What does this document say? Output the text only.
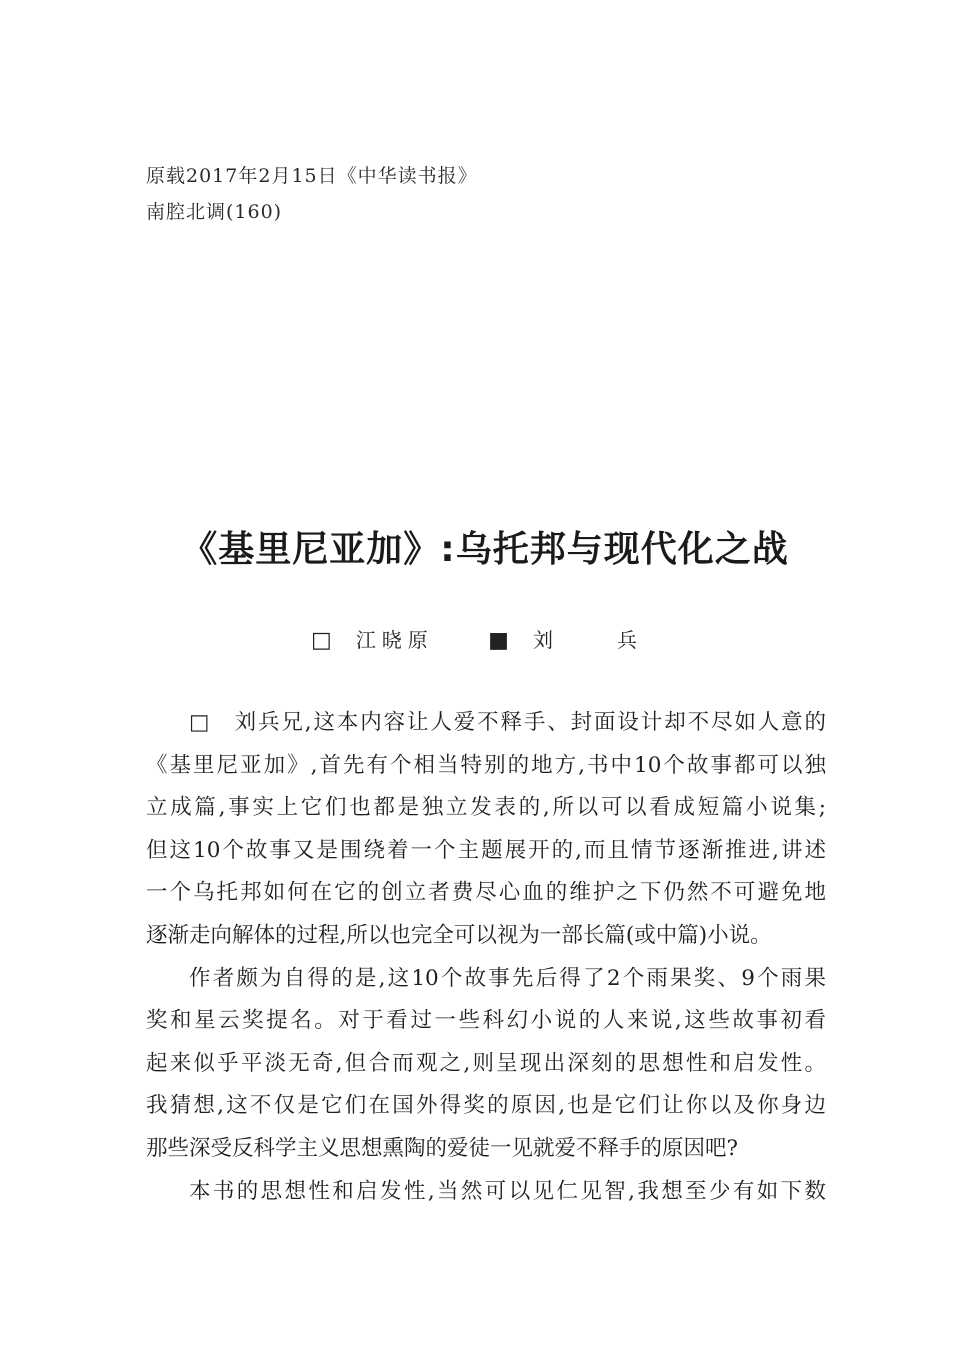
原载2017年2月15日《中华读书报》
南腔北调(160)
《基里尼亚加》:乌托邦与现代化之战
□ 江晓原 ■ 刘　兵
□　刘兵兄,这本内容让人爱不释手、封面设计却不尽如人意的
《基里尼亚加》,首先有个相当特别的地方,书中10个故事都可以独
立成篇,事实上它们也都是独立发表的,所以可以看成短篇小说集;
但这10个故事又是围绕着一个主题展开的,而且情节逐渐推进,讲述
一个乌托邦如何在它的创立者费尽心血的维护之下仍然不可避免地
逐渐走向解体的过程,所以也完全可以视为一部长篇(或中篇)小说。
作者颇为自得的是,这10个故事先后得了2个雨果奖、9个雨果
奖和星云奖提名。对于看过一些科幻小说的人来说,这些故事初看
起来似乎平淡无奇,但合而观之,则呈现出深刻的思想性和启发性。
我猜想,这不仅是它们在国外得奖的原因,也是它们让你以及你身边
那些深受反科学主义思想熏陶的爱徒一见就爱不释手的原因吧?
本书的思想性和启发性,当然可以见仁见智,我想至少有如下数
